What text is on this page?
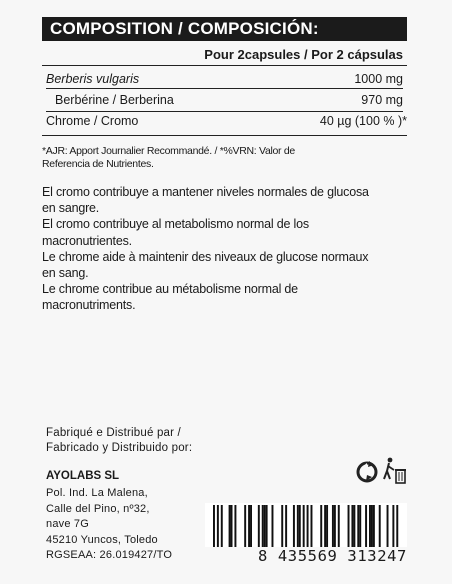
COMPOSITION / COMPOSICIÓN:
Pour 2capsules / Por 2 cápsulas
Berberis vulgaris	1000 mg
Berbérine / Berberina	970 mg
Chrome / Cromo	40 µg (100 % )*
*AJR: Apport Journalier Recommandé. / *%VRN: Valor de
Referencia de Nutrientes.

El cromo contribuye a mantener niveles normales de glucosa en sangre.

El cromo contribuye al metabolismo normal de los macronutrientes.

Le chrome aide à maintenir des niveaux de glucose normaux en sang.

Le chrome contribue au métabolisme normal de macronutriments.

Fabriqué e Distribué par /
Fabricado y Distribuido por:
AYOLABS SL
Pol. Ind. La Malena,
Calle del Pino, nº32,
nave 7G
45210 Yuncos, Toledo
RGSEAA: 26.019427/TO	8 435569 313247
